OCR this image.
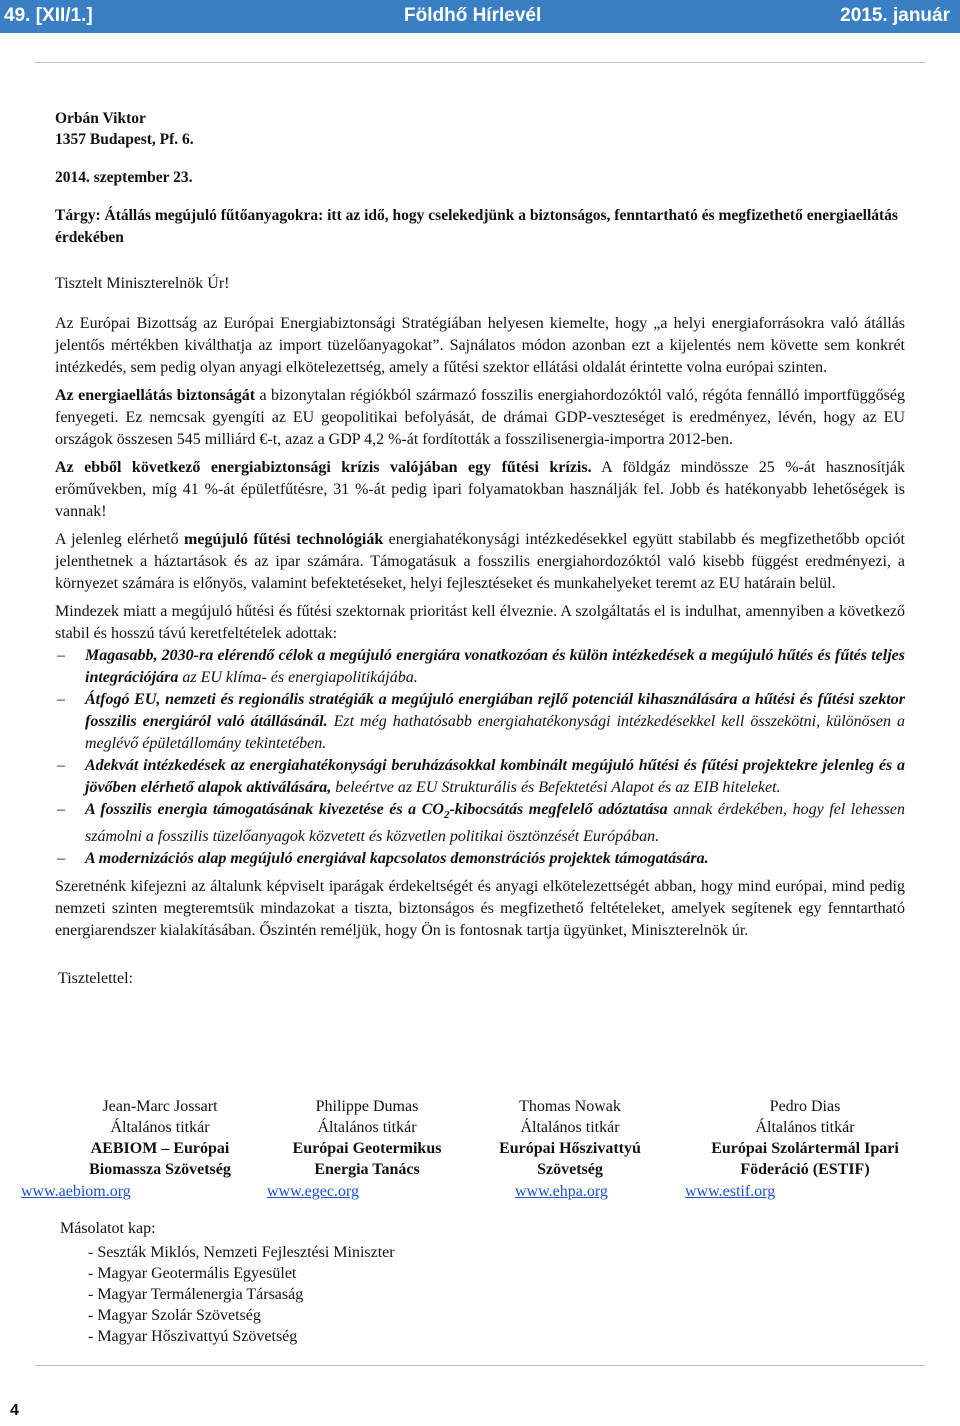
49. [XII/1.]	Földhő Hírlevél	2015. január
Orbán Viktor
1357 Budapest, Pf. 6.
2014. szeptember 23.
Tárgy: Átállás megújuló fűtőanyagokra: itt az idő, hogy cselekedjünk a biztonságos, fenntartható és megfizethető energiaellátás érdekében
Tisztelt Miniszterelnök Úr!

Az Európai Bizottság az Európai Energiabiztonsági Stratégiában helyesen kiemelte, hogy „a helyi energiaforrásokra való átállás jelentős mértékben kiválthatja az import tüzelőanyagokat”. Sajnálatos módon azonban ezt a kijelentés nem követte sem konkrét intézkedés, sem pedig olyan anyagi elkötelezettség, amely a fűtési szektor ellátási oldalát érintette volna európai szinten.

Az energiaellátás biztonságát a bizonytalan régiókból származó fosszilis energiahordozóktól való, régóta fennálló importfüggőség fenyegeti. Ez nemcsak gyengíti az EU geopolitikai befolyását, de drámai GDP-veszteséget is eredményez, lévén, hogy az EU országok összesen 545 milliárd €-t, azaz a GDP 4,2 %-át fordították a fosszilisenergia-importra 2012-ben.

Az ebből következő energiabiztonsági krízis valójában egy fűtési krízis. A földgáz mindössze 25 %-át hasznosítják erőművekben, míg 41 %-át épületfűtésre, 31 %-át pedig ipari folyamatokban használják fel. Jobb és hatékonyabb lehetőségek is vannak!

A jelenleg elérhető megújuló fűtési technológiák energiahatékonysági intézkedésekkel együtt stabilabb és megfizethetőbb opciót jelenthetnek a háztartások és az ipar számára. Támogatásuk a fosszilis energiahordozóktól való kisebb függést eredményezi, a környezet számára is előnyös, valamint befektetéseket, helyi fejlesztéseket és munkahelyeket teremt az EU határain belül.

Mindezek miatt a megújuló hűtési és fűtési szektornak prioritást kell élveznie. A szolgáltatás el is indulhat, amennyiben a következő stabil és hosszú távú keretfeltételek adottak:

– Magasabb, 2030-ra elérendő célok a megújuló energiára vonatkozóan és külön intézkedések a megújuló hűtés és fűtés teljes integrációjára az EU klíma- és energiapolitikájába.
– Átfogó EU, nemzeti és regionális stratégiák a megújuló energiában rejlő potenciál kihasználására a hűtési és fűtési szektor fosszilis energiáról való átállásánál. Ezt még hathatósabb energiahatékonysági intézkedésekkel kell összekötni, különösen a meglévő épületállomány tekintetében.
– Adekvát intézkedések az energiahatékonysági beruházásokkal kombinált megújuló hűtési és fűtési projektekre jelenleg és a jövőben elérhető alapok aktiválására, beleértve az EU Strukturális és Befektetési Alapot és az EIB hiteleket.
– A fosszilis energia támogatásának kivezetése és a $CO_2$-kibocsátás megfelelő adóztatása annak érdekében, hogy fel lehessen számolni a fosszilis tüzelőanyagok közvetett és közvetlen politikai ösztönzését Európában.
– A modernizációs alap megújuló energiával kapcsolatos demonstrációs projektek támogatására.

Szeretnénk kifejezni az általunk képviselt iparágak érdekeltségét és anyagi elkötelezettségét abban, hogy mind európai, mind pedig nemzeti szinten megteremtsük mindazokat a tiszta, biztonságos és megfizethető feltételeket, amelyek segítenek egy fenntartható energiarendszer kialakításában. Őszintén reméljük, hogy Ön is fontosnak tartja ügyünket, Miniszterelnök úr.

Tisztelettel:
Jean-Marc Jossart
Általános titkár
AEBIOM – Európai
Biomassza Szövetség
www.aebiom.org
Philippe Dumas
Általános titkár
Európai Geotermikus
Energia Tanács
www.egec.org
Thomas Nowak
Általános titkár
Európai Hőszivattyú
Szövetség
www.ehpa.org
Pedro Dias
Általános titkár
Európai Szolártermál Ipari
Föderáció (ESTIF)
www.estif.org
Másolatot kap:
- Seszták Miklós, Nemzeti Fejlesztési Miniszter
- Magyar Geotermális Egyesület
- Magyar Termálenergia Társaság
- Magyar Szolár Szövetség
- Magyar Hőszivattyú Szövetség
4
